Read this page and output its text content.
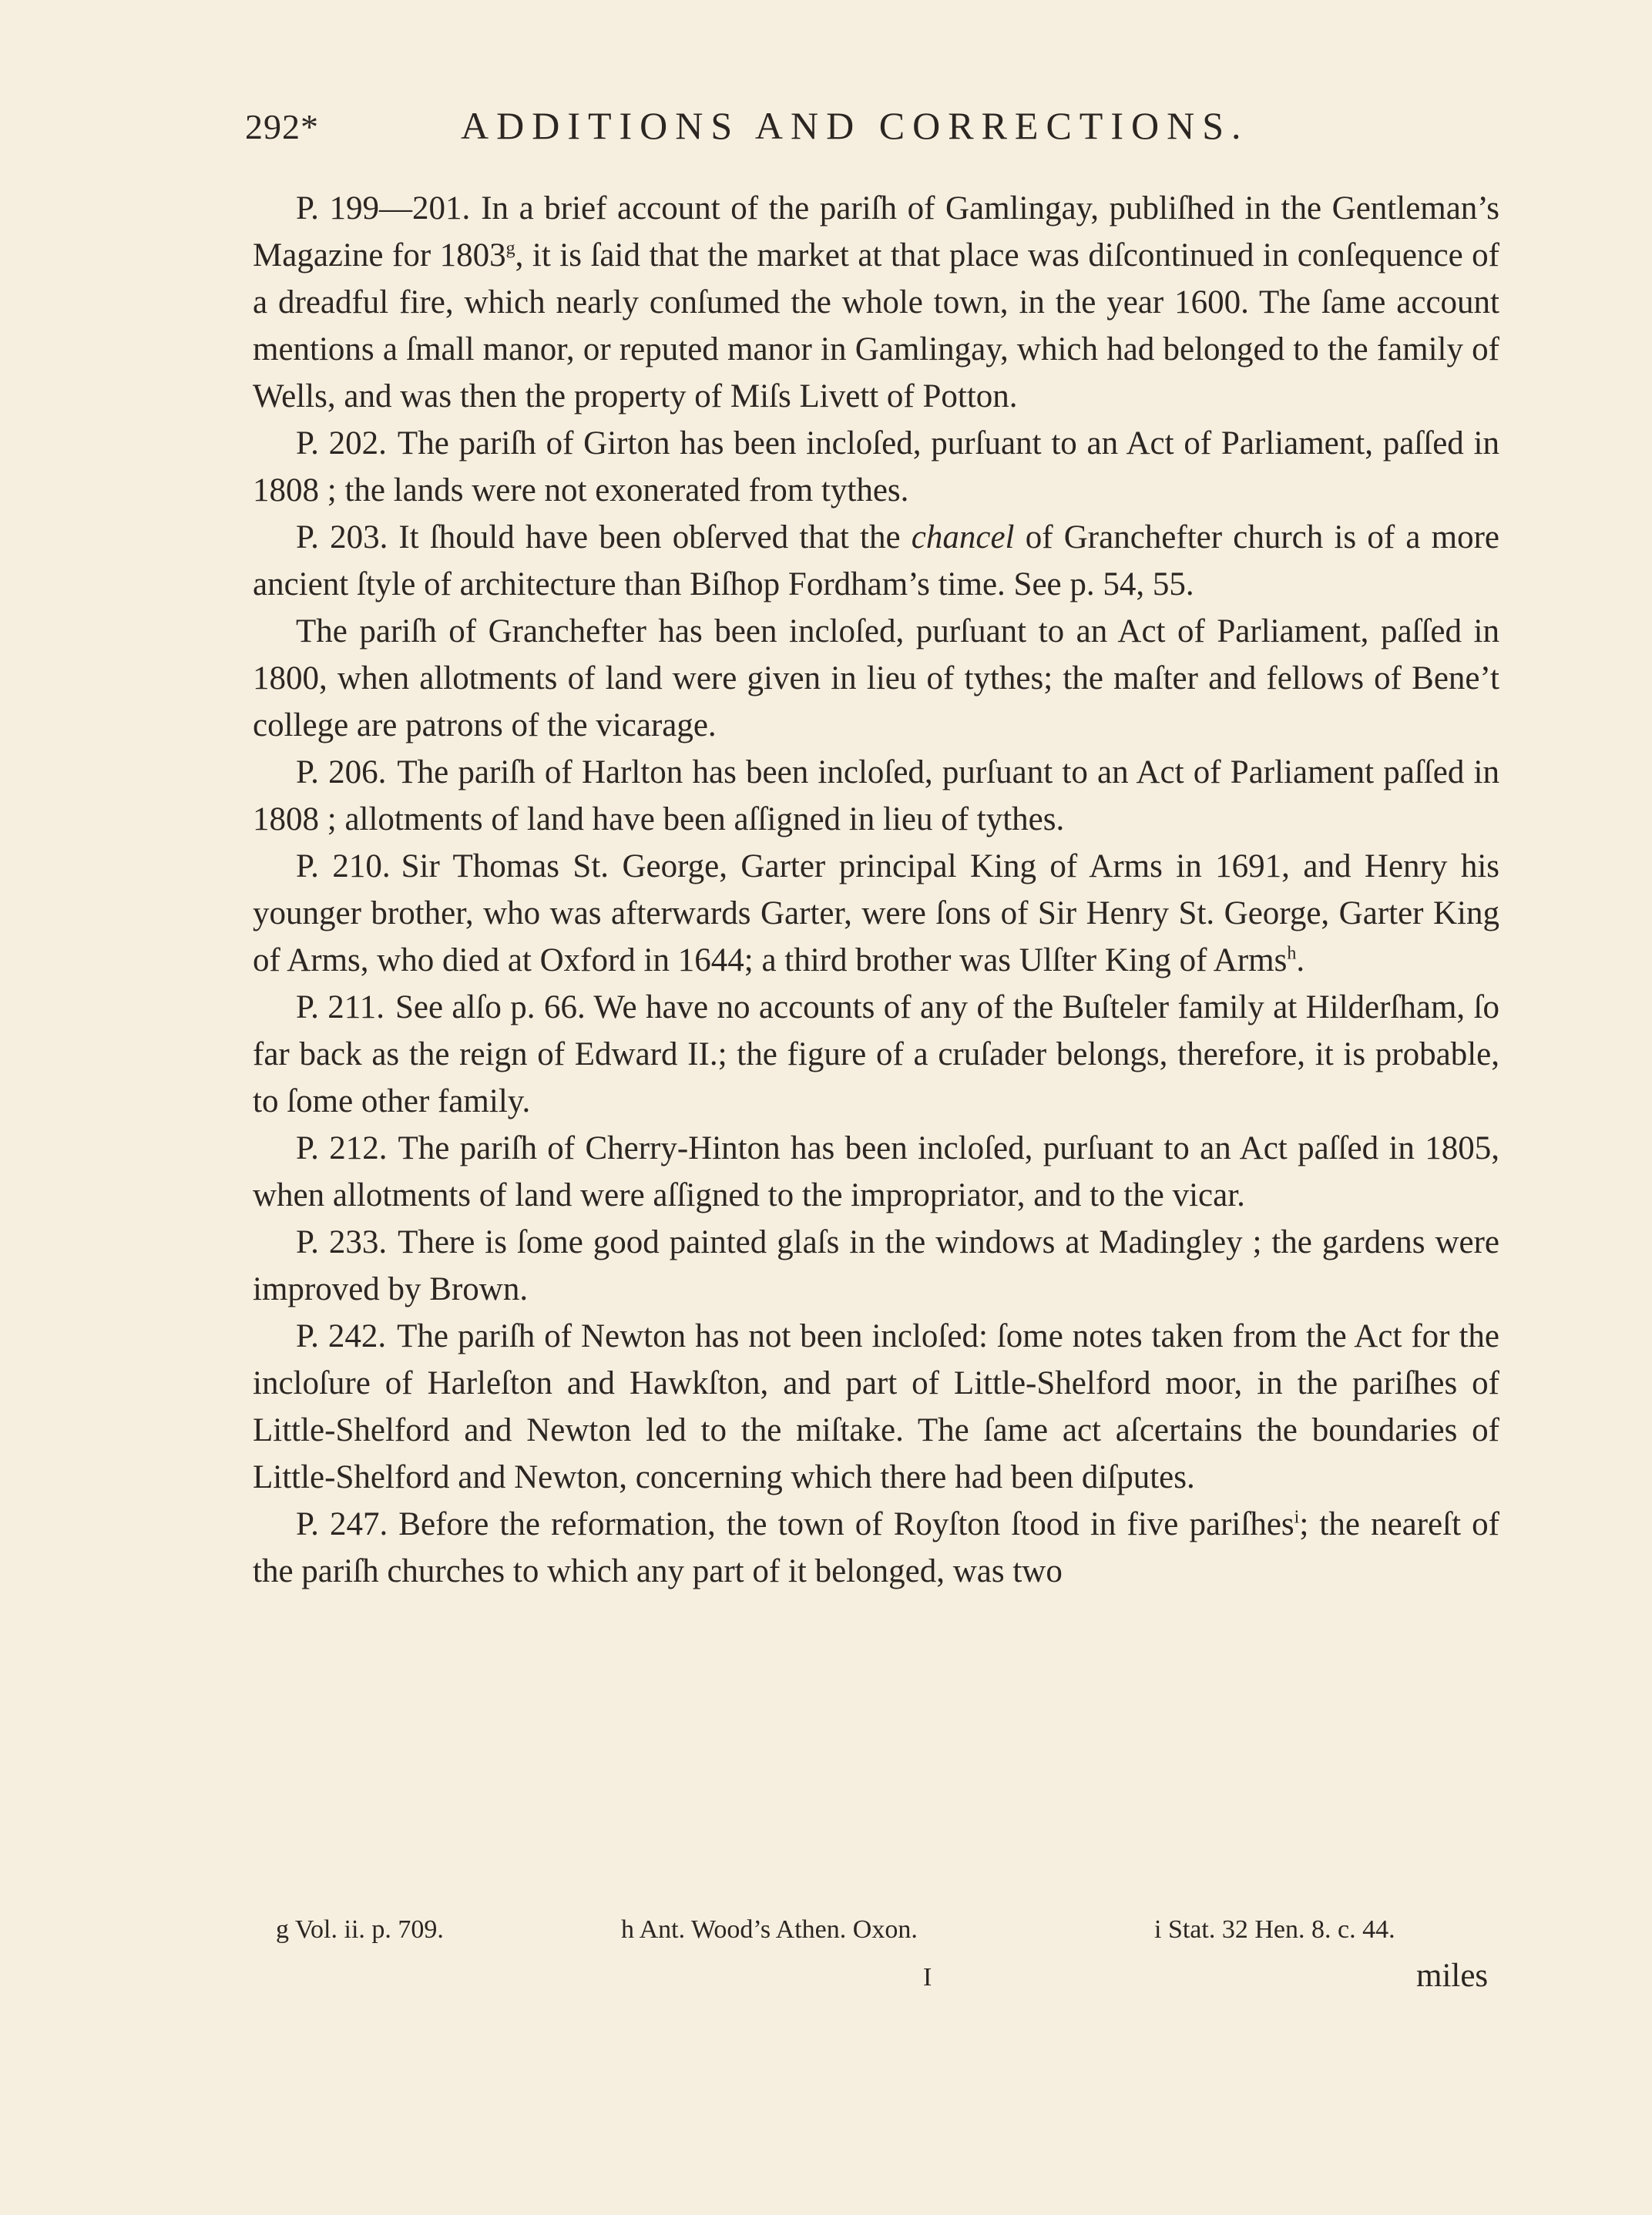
292*	ADDITIONS AND CORRECTIONS.

P. 199—201. In a brief account of the pariſh of Gamlingay, publiſhed in the Gentleman’s Magazine for 1803$^g$, it is ſaid that the market at that place was diſcontinued in conſequence of a dreadful fire, which nearly conſumed the whole town, in the year 1600. The ſame account mentions a ſmall manor, or reputed manor in Gamlingay, which had belonged to the family of Wells, and was then the property of Miſs Livett of Potton.

P. 202. The pariſh of Girton has been incloſed, purſuant to an Act of Parliament, paſſed in 1808 ; the lands were not exonerated from tythes.

P. 203. It ſhould have been obſerved that the chancel of Granchefter church is of a more ancient ſtyle of architecture than Biſhop Fordham’s time. See p. 54, 55.

The pariſh of Granchefter has been incloſed, purſuant to an Act of Parliament, paſſed in 1800, when allotments of land were given in lieu of tythes; the maſter and fellows of Bene’t college are patrons of the vicarage.

P. 206. The pariſh of Harlton has been incloſed, purſuant to an Act of Parliament paſſed in 1808 ; allotments of land have been aſſigned in lieu of tythes.

P. 210. Sir Thomas St. George, Garter principal King of Arms in 1691, and Henry his younger brother, who was afterwards Garter, were ſons of Sir Henry St. George, Garter King of Arms, who died at Oxford in 1644; a third brother was Ulſter King of Arms$^h$.

P. 211. See alſo p. 66. We have no accounts of any of the Buſteler family at Hilderſham, ſo far back as the reign of Edward II.; the figure of a cruſader belongs, therefore, it is probable, to ſome other family.

P. 212. The pariſh of Cherry-Hinton has been incloſed, purſuant to an Act paſſed in 1805, when allotments of land were aſſigned to the impropriator, and to the vicar.

P. 233. There is ſome good painted glaſs in the windows at Madingley ; the gardens were improved by Brown.

P. 242. The pariſh of Newton has not been incloſed: ſome notes taken from the Act for the incloſure of Harleſton and Hawkſton, and part of Little-Shelford moor, in the pariſhes of Little-Shelford and Newton led to the miſtake. The ſame act aſcertains the boundaries of Little-Shelford and Newton, concerning which there had been diſputes.

P. 247. Before the reformation, the town of Royſton ſtood in five pariſhes$^i$; the neareſt of the pariſh churches to which any part of it belonged, was two

g Vol. ii. p. 709.	h Ant. Wood’s Athen. Oxon.	i Stat. 32 Hen. 8. c. 44.
I	miles
